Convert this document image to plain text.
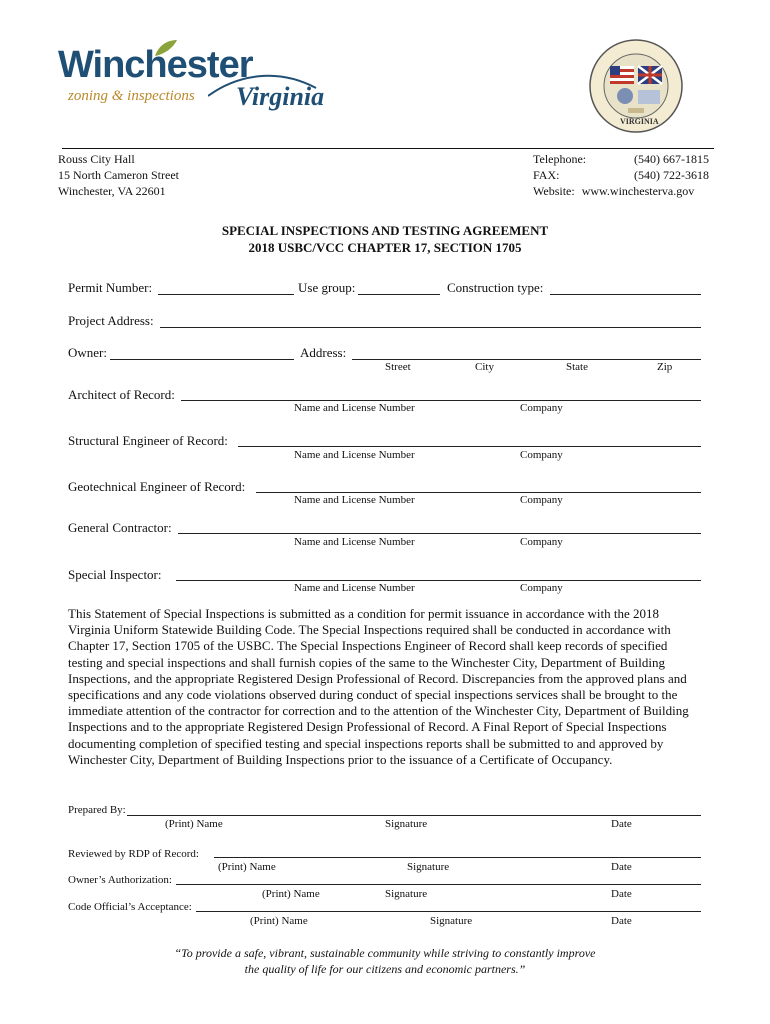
Winchester
zoning & inspections Virginia
VIRGINIA
Rouss City Hall
15 North Cameron Street
Winchester, VA 22601
Telephone:	(540) 667-1815
FAX:	(540) 722-3618
Website: www.winchesterva.gov
SPECIAL INSPECTIONS AND TESTING AGREEMENT
2018 USBC/VCC CHAPTER 17, SECTION 1705
Permit Number:	Use group:	Construction type:
Project Address:
Owner:	Address:
Street	City	State	Zip
Architect of Record:
Name and License Number	Company
Structural Engineer of Record:
Name and License Number	Company
Geotechnical Engineer of Record:
Name and License Number	Company
General Contractor:
Name and License Number	Company
Special Inspector:
Name and License Number	Company
This Statement of Special Inspections is submitted as a condition for permit issuance in accordance with the 2018 Virginia Uniform Statewide Building Code. The Special Inspections required shall be conducted in accordance with Chapter 17, Section 1705 of the USBC. The Special Inspections Engineer of Record shall keep records of specified testing and special inspections and shall furnish copies of the same to the Winchester City, Department of Building Inspections, and the appropriate Registered Design Professional of Record. Discrepancies from the approved plans and specifications and any code violations observed during conduct of special inspections services shall be brought to the immediate attention of the contractor for correction and to the attention of the Winchester City, Department of Building Inspections and to the appropriate Registered Design Professional of Record. A Final Report of Special Inspections documenting completion of specified testing and special inspections reports shall be submitted to and approved by Winchester City, Department of Building Inspections prior to the issuance of a Certificate of Occupancy.
Prepared By:
(Print) Name	Signature	Date
Reviewed by RDP of Record:
(Print) Name	Signature	Date
Owner’s Authorization:
(Print) Name	Signature	Date
Code Official’s Acceptance:
(Print) Name	Signature	Date
“To provide a safe, vibrant, sustainable community while striving to constantly improve
the quality of life for our citizens and economic partners.”
